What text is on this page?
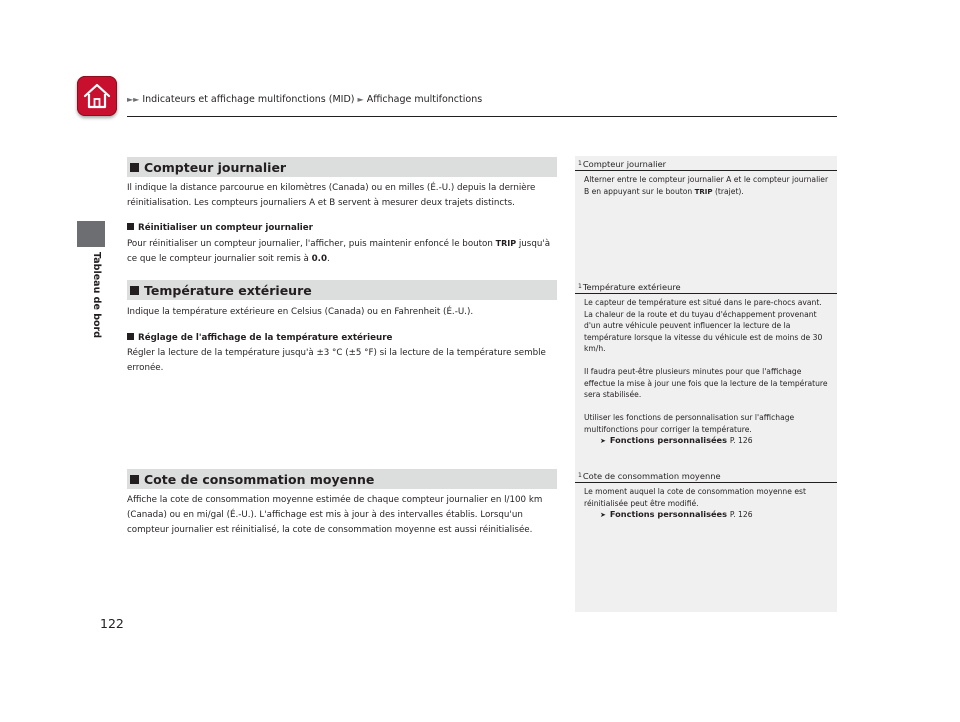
►► Indicateurs et affichage multifonctions (MID) ► Affichage multifonctions
Tableau de bord
Compteur journalier

Il indique la distance parcourue en kilomètres (Canada) ou en milles (É.-U.) depuis la dernière réinitialisation. Les compteurs journaliers A et B servent à mesurer deux trajets distincts.

Réinitialiser un compteur journalier

Pour réinitialiser un compteur journalier, l'afficher, puis maintenir enfoncé le bouton TRIP jusqu'à ce que le compteur journalier soit remis à 0.0.

Température extérieure

Indique la température extérieure en Celsius (Canada) ou en Fahrenheit (É.-U.).

Réglage de l'affichage de la température extérieure

Régler la lecture de la température jusqu'à ±3 °C (±5 °F) si la lecture de la température semble erronée.

Cote de consommation moyenne

Affiche la cote de consommation moyenne estimée de chaque compteur journalier en l/100 km (Canada) ou en mi/gal (É.-U.). L'affichage est mis à jour à des intervalles établis. Lorsqu'un compteur journalier est réinitialisé, la cote de consommation moyenne est aussi réinitialisée.

$^1$Compteur journalier

Alterner entre le compteur journalier A et le compteur journalier B en appuyant sur le bouton TRIP (trajet).

$^1$Température extérieure

Le capteur de température est situé dans le pare-chocs avant. La chaleur de la route et du tuyau d'échappement provenant d'un autre véhicule peuvent influencer la lecture de la température lorsque la vitesse du véhicule est de moins de 30 km/h.

Il faudra peut-être plusieurs minutes pour que l'affichage effectue la mise à jour une fois que la lecture de la température sera stabilisée.

Utiliser les fonctions de personnalisation sur l'affichage multifonctions pour corriger la température.
➤ Fonctions personnalisées P. 126

$^1$Cote de consommation moyenne

Le moment auquel la cote de consommation moyenne est réinitialisée peut être modifié.
➤ Fonctions personnalisées P. 126

122
